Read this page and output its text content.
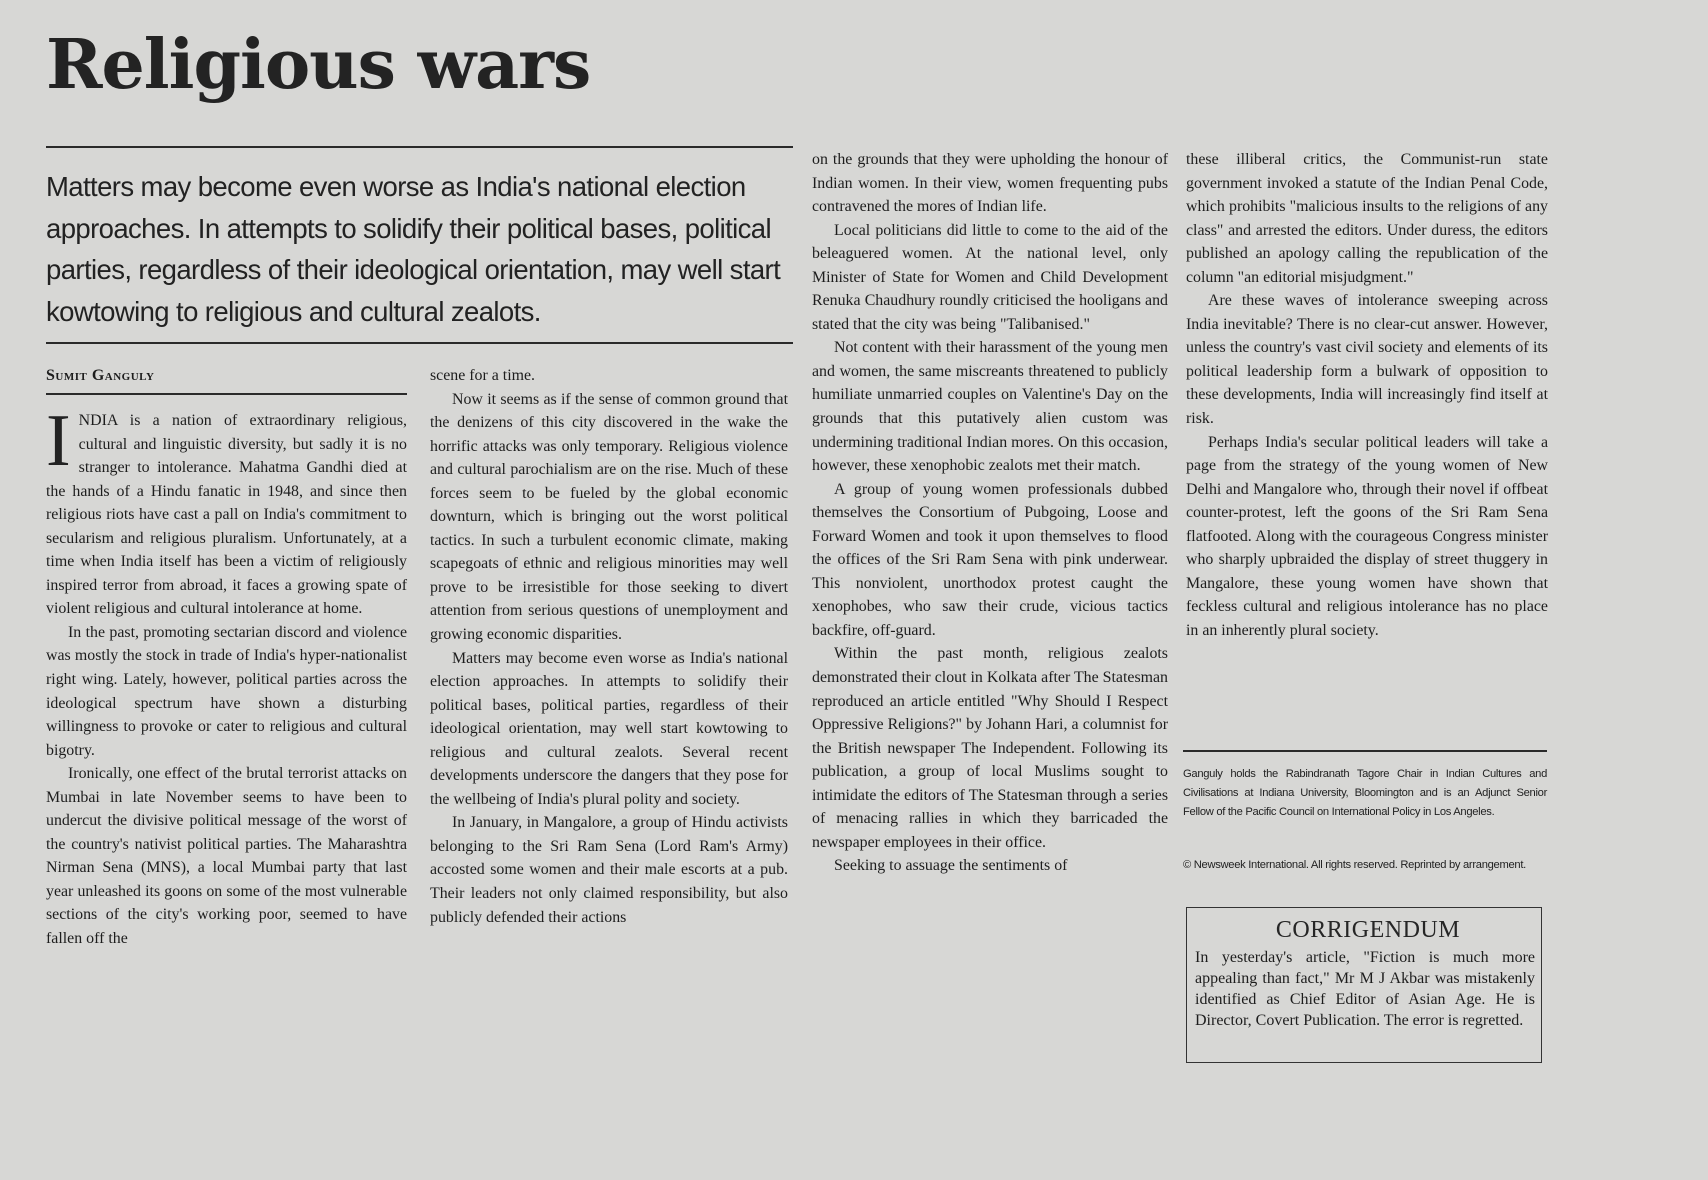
Religious wars

Matters may become even worse as India's national election approaches. In attempts to solidify their political bases, political parties, regardless of their ideological orientation, may well start kowtowing to religious and cultural zealots.

Sumit Ganguly

INDIA is a nation of extraordinary religious, cultural and linguistic diversity, but sadly it is no stranger to intolerance. Mahatma Gandhi died at the hands of a Hindu fanatic in 1948, and since then religious riots have cast a pall on India's commitment to secularism and religious pluralism. Unfortunately, at a time when India itself has been a victim of religiously inspired terror from abroad, it faces a growing spate of violent religious and cultural intolerance at home.

In the past, promoting sectarian discord and violence was mostly the stock in trade of India's hyper-nationalist right wing. Lately, however, political parties across the ideological spectrum have shown a disturbing willingness to provoke or cater to religious and cultural bigotry.

Ironically, one effect of the brutal terrorist attacks on Mumbai in late November seems to have been to undercut the divisive political message of the worst of the country's nativist political parties. The Maharashtra Nirman Sena (MNS), a local Mumbai party that last year unleashed its goons on some of the most vulnerable sections of the city's working poor, seemed to have fallen off the

scene for a time.

Now it seems as if the sense of common ground that the denizens of this city discovered in the wake the horrific attacks was only temporary. Religious violence and cultural parochialism are on the rise. Much of these forces seem to be fueled by the global economic downturn, which is bringing out the worst political tactics. In such a turbulent economic climate, making scapegoats of ethnic and religious minorities may well prove to be irresistible for those seeking to divert attention from serious questions of unemployment and growing economic disparities.

Matters may become even worse as India's national election approaches. In attempts to solidify their political bases, political parties, regardless of their ideological orientation, may well start kowtowing to religious and cultural zealots. Several recent developments underscore the dangers that they pose for the wellbeing of India's plural polity and society.

In January, in Mangalore, a group of Hindu activists belonging to the Sri Ram Sena (Lord Ram's Army) accosted some women and their male escorts at a pub. Their leaders not only claimed responsibility, but also publicly defended their actions

on the grounds that they were upholding the honour of Indian women. In their view, women frequenting pubs contravened the mores of Indian life.

Local politicians did little to come to the aid of the beleaguered women. At the national level, only Minister of State for Women and Child Development Renuka Chaudhury roundly criticised the hooligans and stated that the city was being "Talibanised."

Not content with their harassment of the young men and women, the same miscreants threatened to publicly humiliate unmarried couples on Valentine's Day on the grounds that this putatively alien custom was undermining traditional Indian mores. On this occasion, however, these xenophobic zealots met their match.

A group of young women professionals dubbed themselves the Consortium of Pubgoing, Loose and Forward Women and took it upon themselves to flood the offices of the Sri Ram Sena with pink underwear. This nonviolent, unorthodox protest caught the xenophobes, who saw their crude, vicious tactics backfire, off-guard.

Within the past month, religious zealots demonstrated their clout in Kolkata after The Statesman reproduced an article entitled "Why Should I Respect Oppressive Religions?" by Johann Hari, a columnist for the British newspaper The Independent. Following its publication, a group of local Muslims sought to intimidate the editors of The Statesman through a series of menacing rallies in which they barricaded the newspaper employees in their office.

Seeking to assuage the sentiments of

these illiberal critics, the Communist-run state government invoked a statute of the Indian Penal Code, which prohibits "malicious insults to the religions of any class" and arrested the editors. Under duress, the editors published an apology calling the republication of the column "an editorial misjudgment."

Are these waves of intolerance sweeping across India inevitable? There is no clear-cut answer. However, unless the country's vast civil society and elements of its political leadership form a bulwark of opposition to these developments, India will increasingly find itself at risk.

Perhaps India's secular political leaders will take a page from the strategy of the young women of New Delhi and Mangalore who, through their novel if offbeat counter-protest, left the goons of the Sri Ram Sena flatfooted. Along with the courageous Congress minister who sharply upbraided the display of street thuggery in Mangalore, these young women have shown that feckless cultural and religious intolerance has no place in an inherently plural society.

Ganguly holds the Rabindranath Tagore Chair in Indian Cultures and Civilisations at Indiana University, Bloomington and is an Adjunct Senior Fellow of the Pacific Council on International Policy in Los Angeles.

© Newsweek International. All rights reserved. Reprinted by arrangement.
CORRIGENDUM
In yesterday's article, "Fiction is much more appealing than fact," Mr M J Akbar was mistakenly identified as Chief Editor of Asian Age. He is Director, Covert Publication. The error is regretted.
